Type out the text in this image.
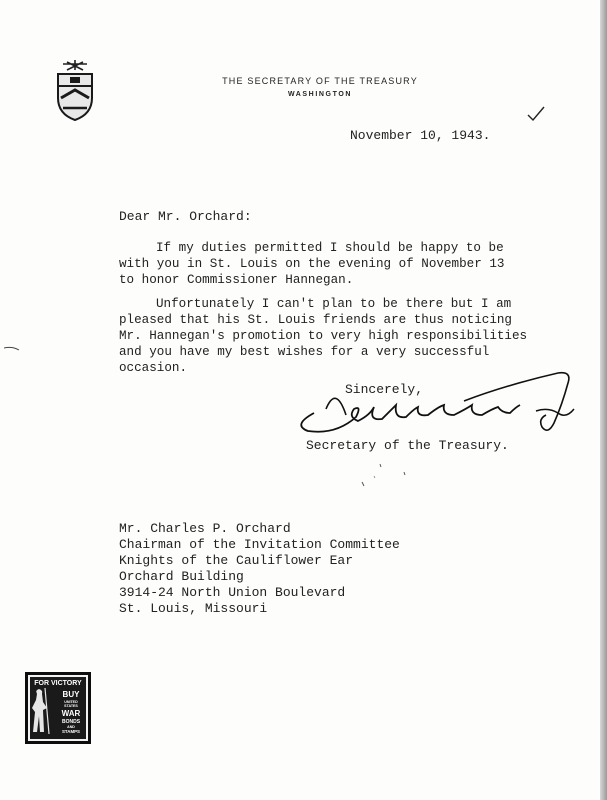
THE SECRETARY OF THE TREASURY
WASHINGTON
November 10, 1943.
Dear Mr. Orchard:
If my duties permitted I should be happy to be
with you in St. Louis on the evening of November 13
to honor Commissioner Hannegan.
Unfortunately I can't plan to be there but I am
pleased that his St. Louis friends are thus noticing
Mr. Hannegan's promotion to very high responsibilities
and you have my best wishes for a very successful
occasion.
Sincerely,
Secretary of the Treasury.
Mr. Charles P. Orchard
Chairman of the Invitation Committee
Knights of the Cauliflower Ear
Orchard Building
3914-24 North Union Boulevard
St. Louis, Missouri
FOR VICTORY
BUY
UNITED
STATES
WAR
BONDS
AND
STAMPS
